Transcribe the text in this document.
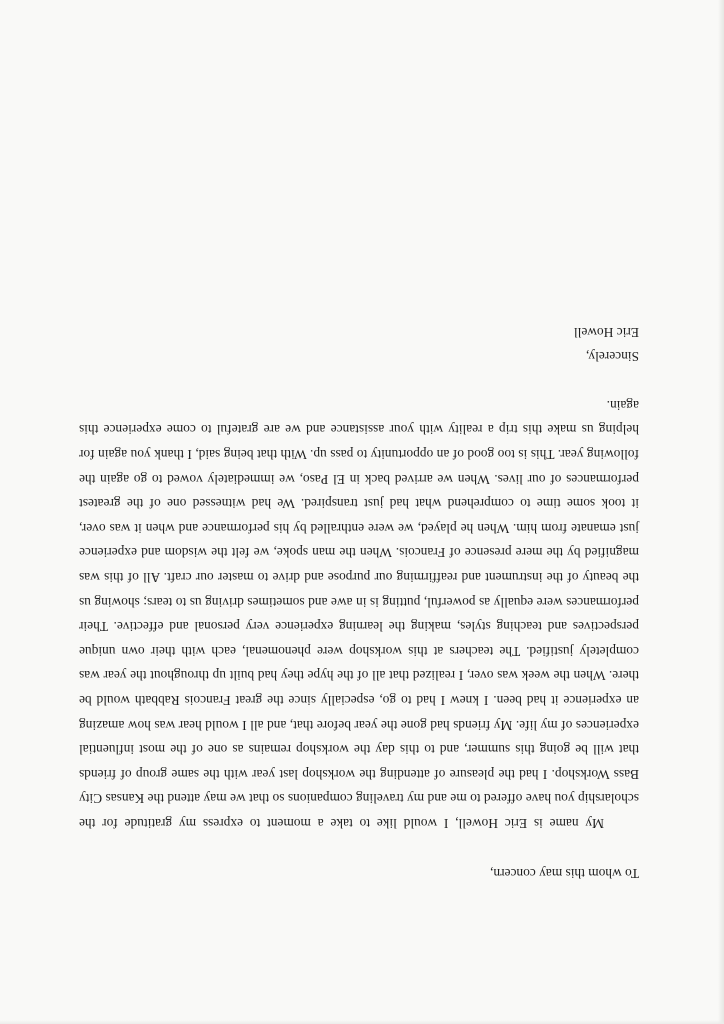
To whom this may concern,

My name is Eric Howell, I would like to take a moment to express my gratitude for the scholarship you have offered to me and my traveling companions so that we may attend the Kansas City Bass Workshop. I had the pleasure of attending the workshop last year with the same group of friends that will be going this summer, and to this day the workshop remains as one of the most influential experiences of my life. My friends had gone the year before that, and all I would hear was how amazing an experience it had been. I knew I had to go, especially since the great Francois Rabbath would be there. When the week was over, I realized that all of the hype they had built up throughout the year was completely justified. The teachers at this workshop were phenomenal, each with their own unique perspectives and teaching styles, making the learning experience very personal and effective. Their performances were equally as powerful, putting is in awe and sometimes driving us to tears; showing us the beauty of the instrument and reaffirming our purpose and drive to master our craft. All of this was magnified by the mere presence of Francois. When the man spoke, we felt the wisdom and experience just emanate from him. When he played, we were enthralled by his performance and when it was over, it took some time to comprehend what had just transpired. We had witnessed one of the greatest performances of our lives. When we arrived back in El Paso, we immediately vowed to go again the following year. This is too good of an opportunity to pass up. With that being said, I thank you again for helping us make this trip a reality with your assistance and we are grateful to come experience this again.

Sincerely,

Eric Howell
